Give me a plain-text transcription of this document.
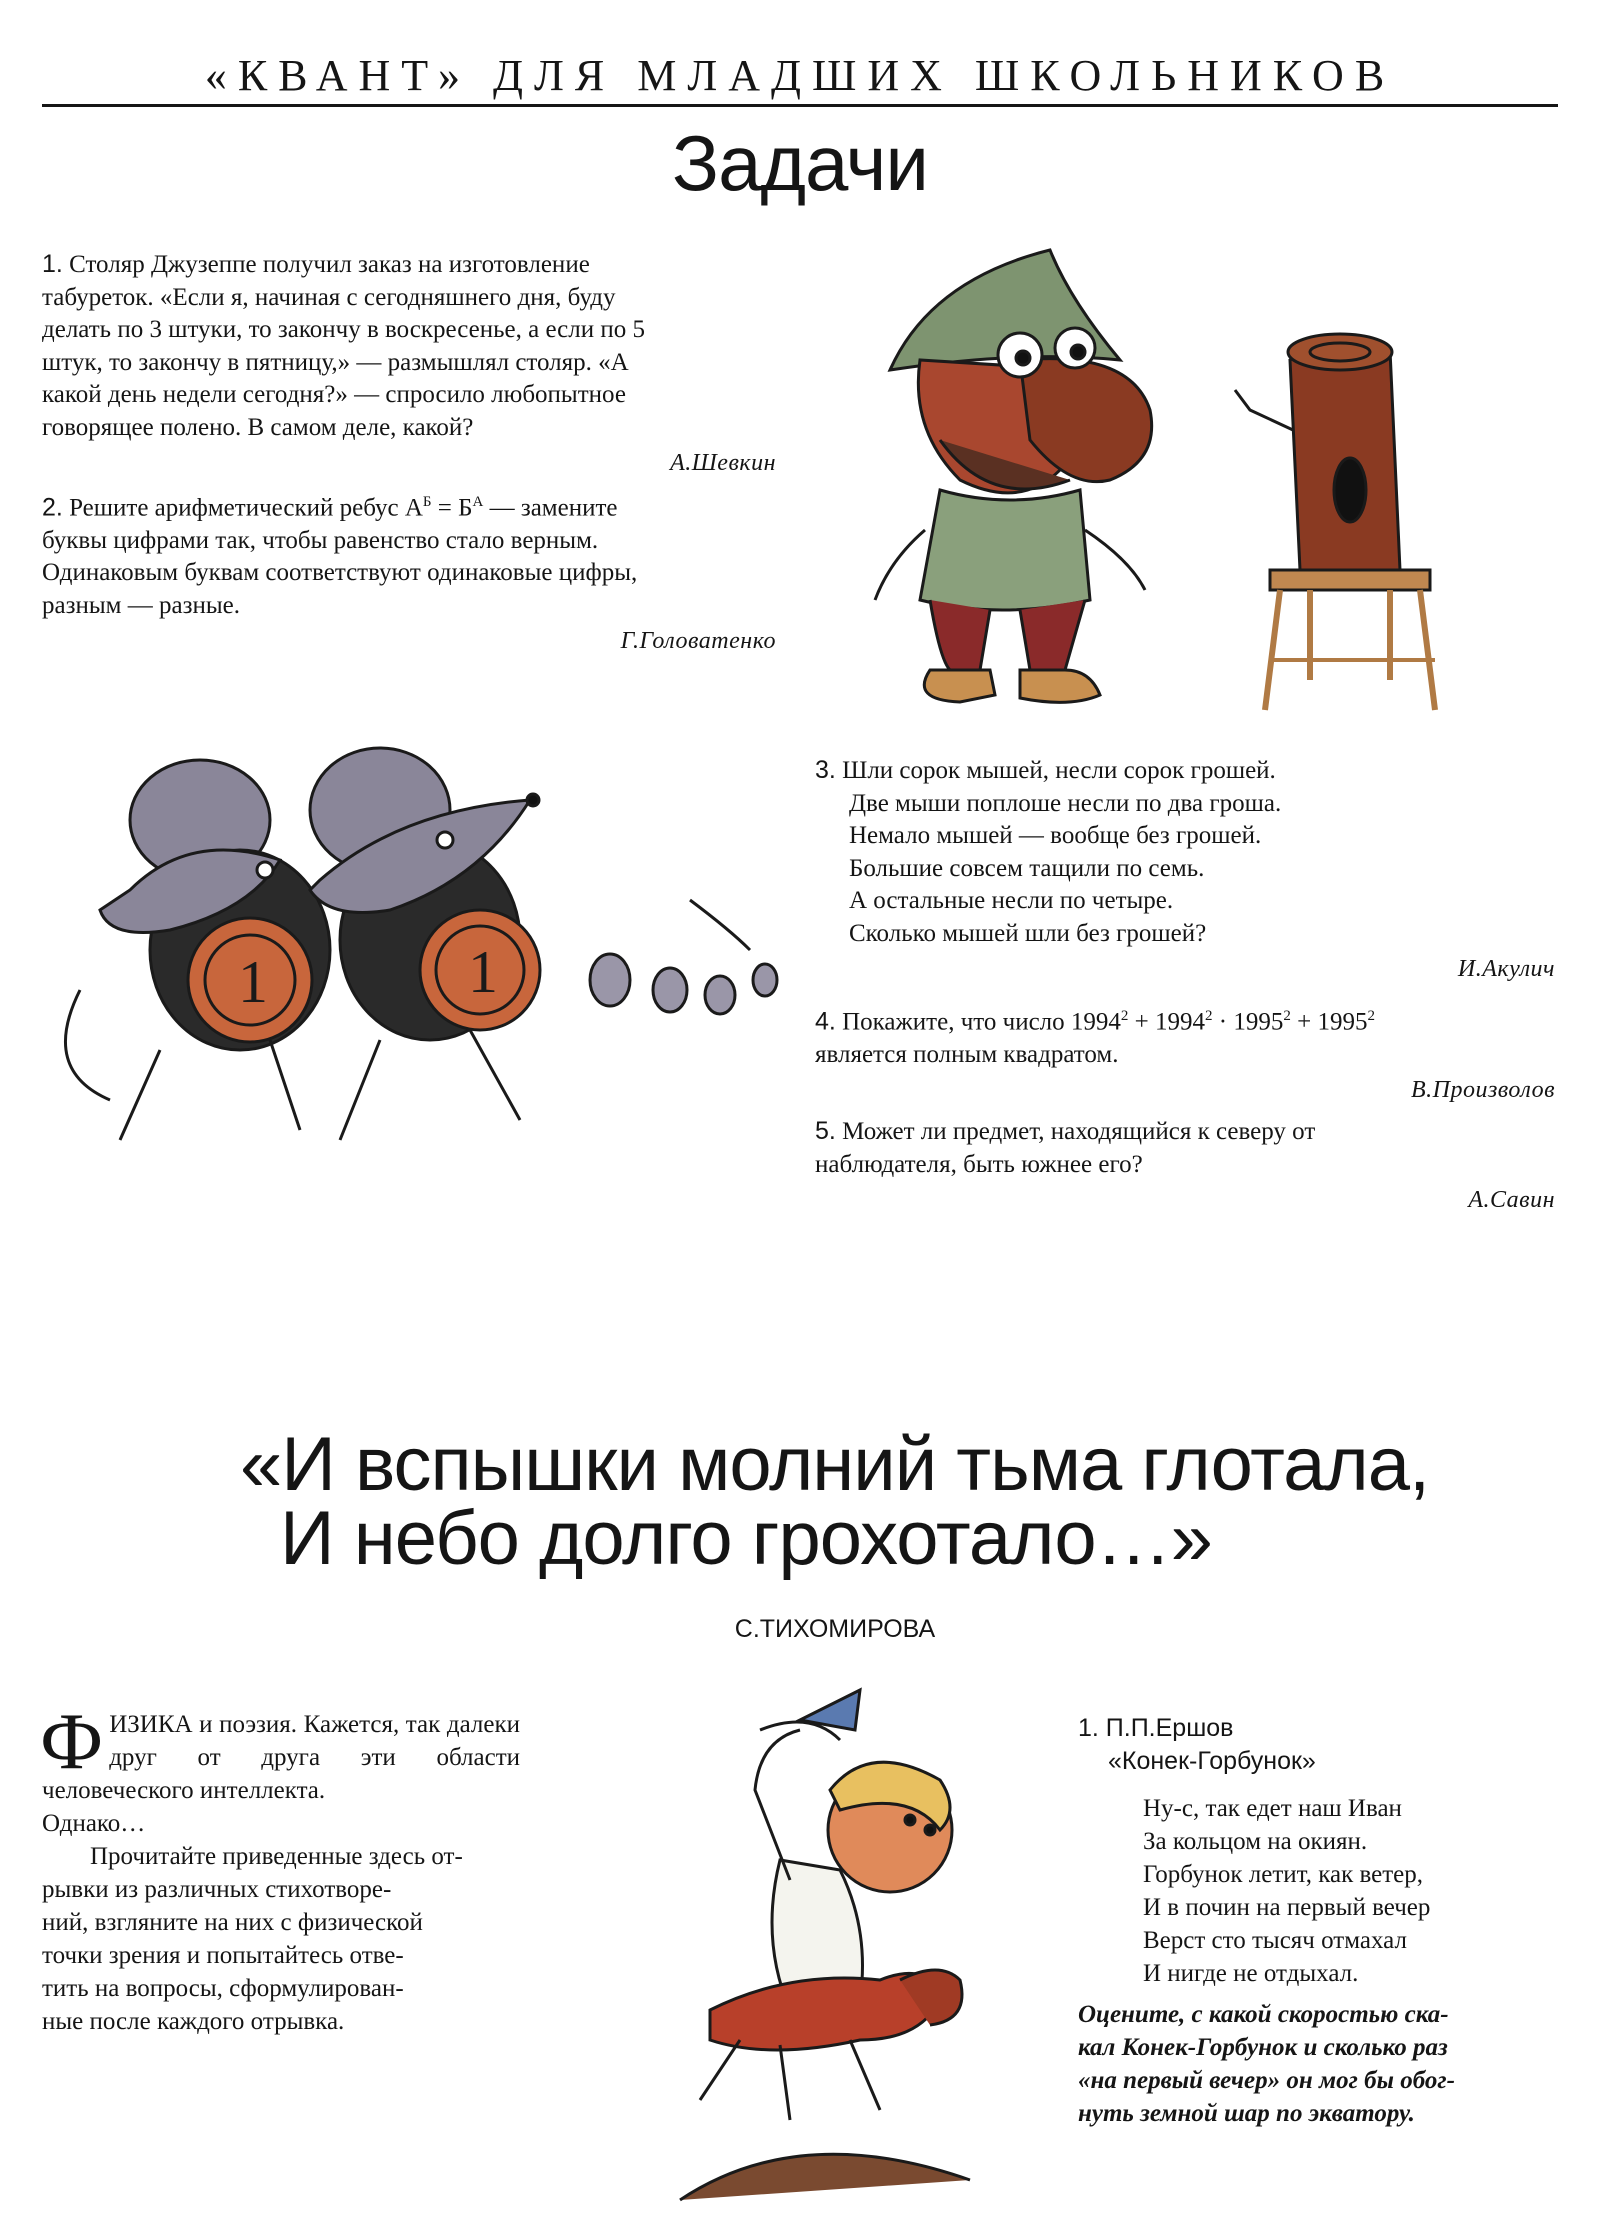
«КВАНТ» ДЛЯ МЛАДШИХ ШКОЛЬНИКОВ
Задачи
1. Столяр Джузеппе получил заказ на изготовление
табуреток. «Если я, начиная с сегодняшнего дня, буду
делать по 3 штуки, то закончу в воскресенье, а если по 5
штук, то закончу в пятницу,» — размышлял столяр. «А
какой день недели сегодня?» — спросило любопытное
говорящее полено. В самом деле, какой?
А.Шевкин
2. Решите арифметический ребус $А^Б = Б^А$ — замените
буквы цифрами так, чтобы равенство стало верным.
Одинаковым буквам соответствуют одинаковые цифры,
разным — разные.
Г.Головатенко
3. Шли сорок мышей, несли сорок грошей.
Две мыши поплоше несли по два гроша.
Немало мышей — вообще без грошей.
Большие совсем тащили по семь.
А остальные несли по четыре.
Сколько мышей шли без грошей?
И.Акулич
4. Покажите, что число $1994^2 + 1994^2 \cdot 1995^2 + 1995^2$
является полным квадратом.
В.Произволов
5. Может ли предмет, находящийся к северу от
наблюдателя, быть южнее его?
А.Савин
1	1
«И вспышки молний тьма глотала,
И небо долго грохотало…»
С.ТИХОМИРОВА

Ф ИЗИКА и поэзия. Кажется, так далеки друг от друга эти области человеческого интеллекта.
Однако…

Прочитайте приведенные здесь от-
рывки из различных стихотворе-
ний, взгляните на них с физической
точки зрения и попытайтесь отве-
тить на вопросы, сформулирован-
ные после каждого отрывка.

1. П.П.Ершов
«Конек-Горбунок»
Ну-с, так едет наш Иван
За кольцом на окиян.
Горбунок летит, как ветер,
И в почин на первый вечер
Верст сто тысяч отмахал
И нигде не отдыхал.
Оцените, с какой скоростью ска-
кал Конек-Горбунок и сколько раз
«на первый вечер» он мог бы обог-
нуть земной шар по экватору.
